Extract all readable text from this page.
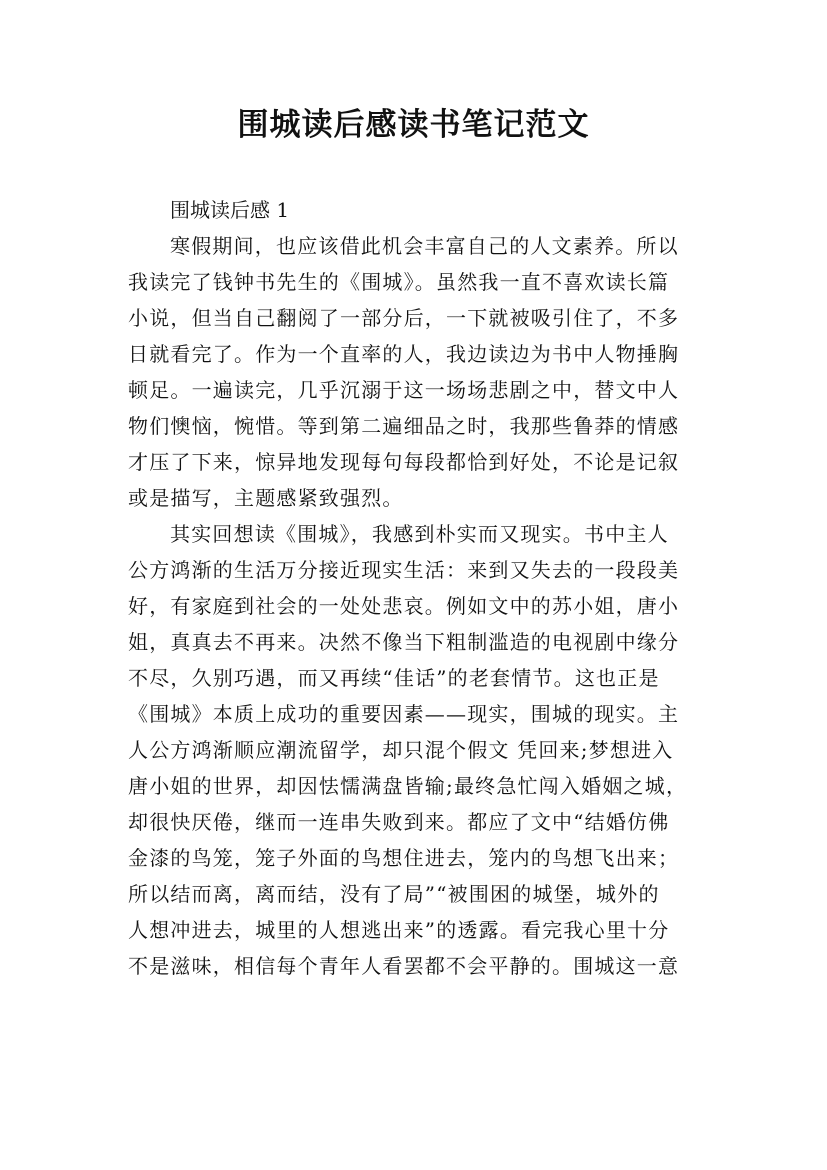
围城读后感读书笔记范文
围城读后感 1
寒假期间，也应该借此机会丰富自己的人文素养。所以
我读完了钱钟书先生的《围城》。虽然我一直不喜欢读长篇
小说，但当自己翻阅了一部分后，一下就被吸引住了，不多
日就看完了。作为一个直率的人，我边读边为书中人物捶胸
顿足。一遍读完，几乎沉溺于这一场场悲剧之中，替文中人
物们懊恼，惋惜。等到第二遍细品之时，我那些鲁莽的情感
才压了下来，惊异地发现每句每段都恰到好处，不论是记叙
或是描写，主题感紧致强烈。
其实回想读《围城》，我感到朴实而又现实。书中主人
公方鸿渐的生活万分接近现实生活：来到又失去的一段段美
好，有家庭到社会的一处处悲哀。例如文中的苏小姐，唐小
姐，真真去不再来。决然不像当下粗制滥造的电视剧中缘分
不尽，久别巧遇，而又再续“佳话”的老套情节。这也正是
《围城》本质上成功的重要因素——现实，围城的现实。主
人公方鸿渐顺应潮流留学，却只混个假文 凭回来;梦想进入
唐小姐的世界，却因怯懦满盘皆输;最终急忙闯入婚姻之城，
却很快厌倦，继而一连串失败到来。都应了文中“结婚仿佛
金漆的鸟笼，笼子外面的鸟想住进去，笼内的鸟想飞出来；
所以结而离，离而结，没有了局”“被围困的城堡，城外的
人想冲进去，城里的人想逃出来”的透露。看完我心里十分
不是滋味，相信每个青年人看罢都不会平静的。围城这一意
